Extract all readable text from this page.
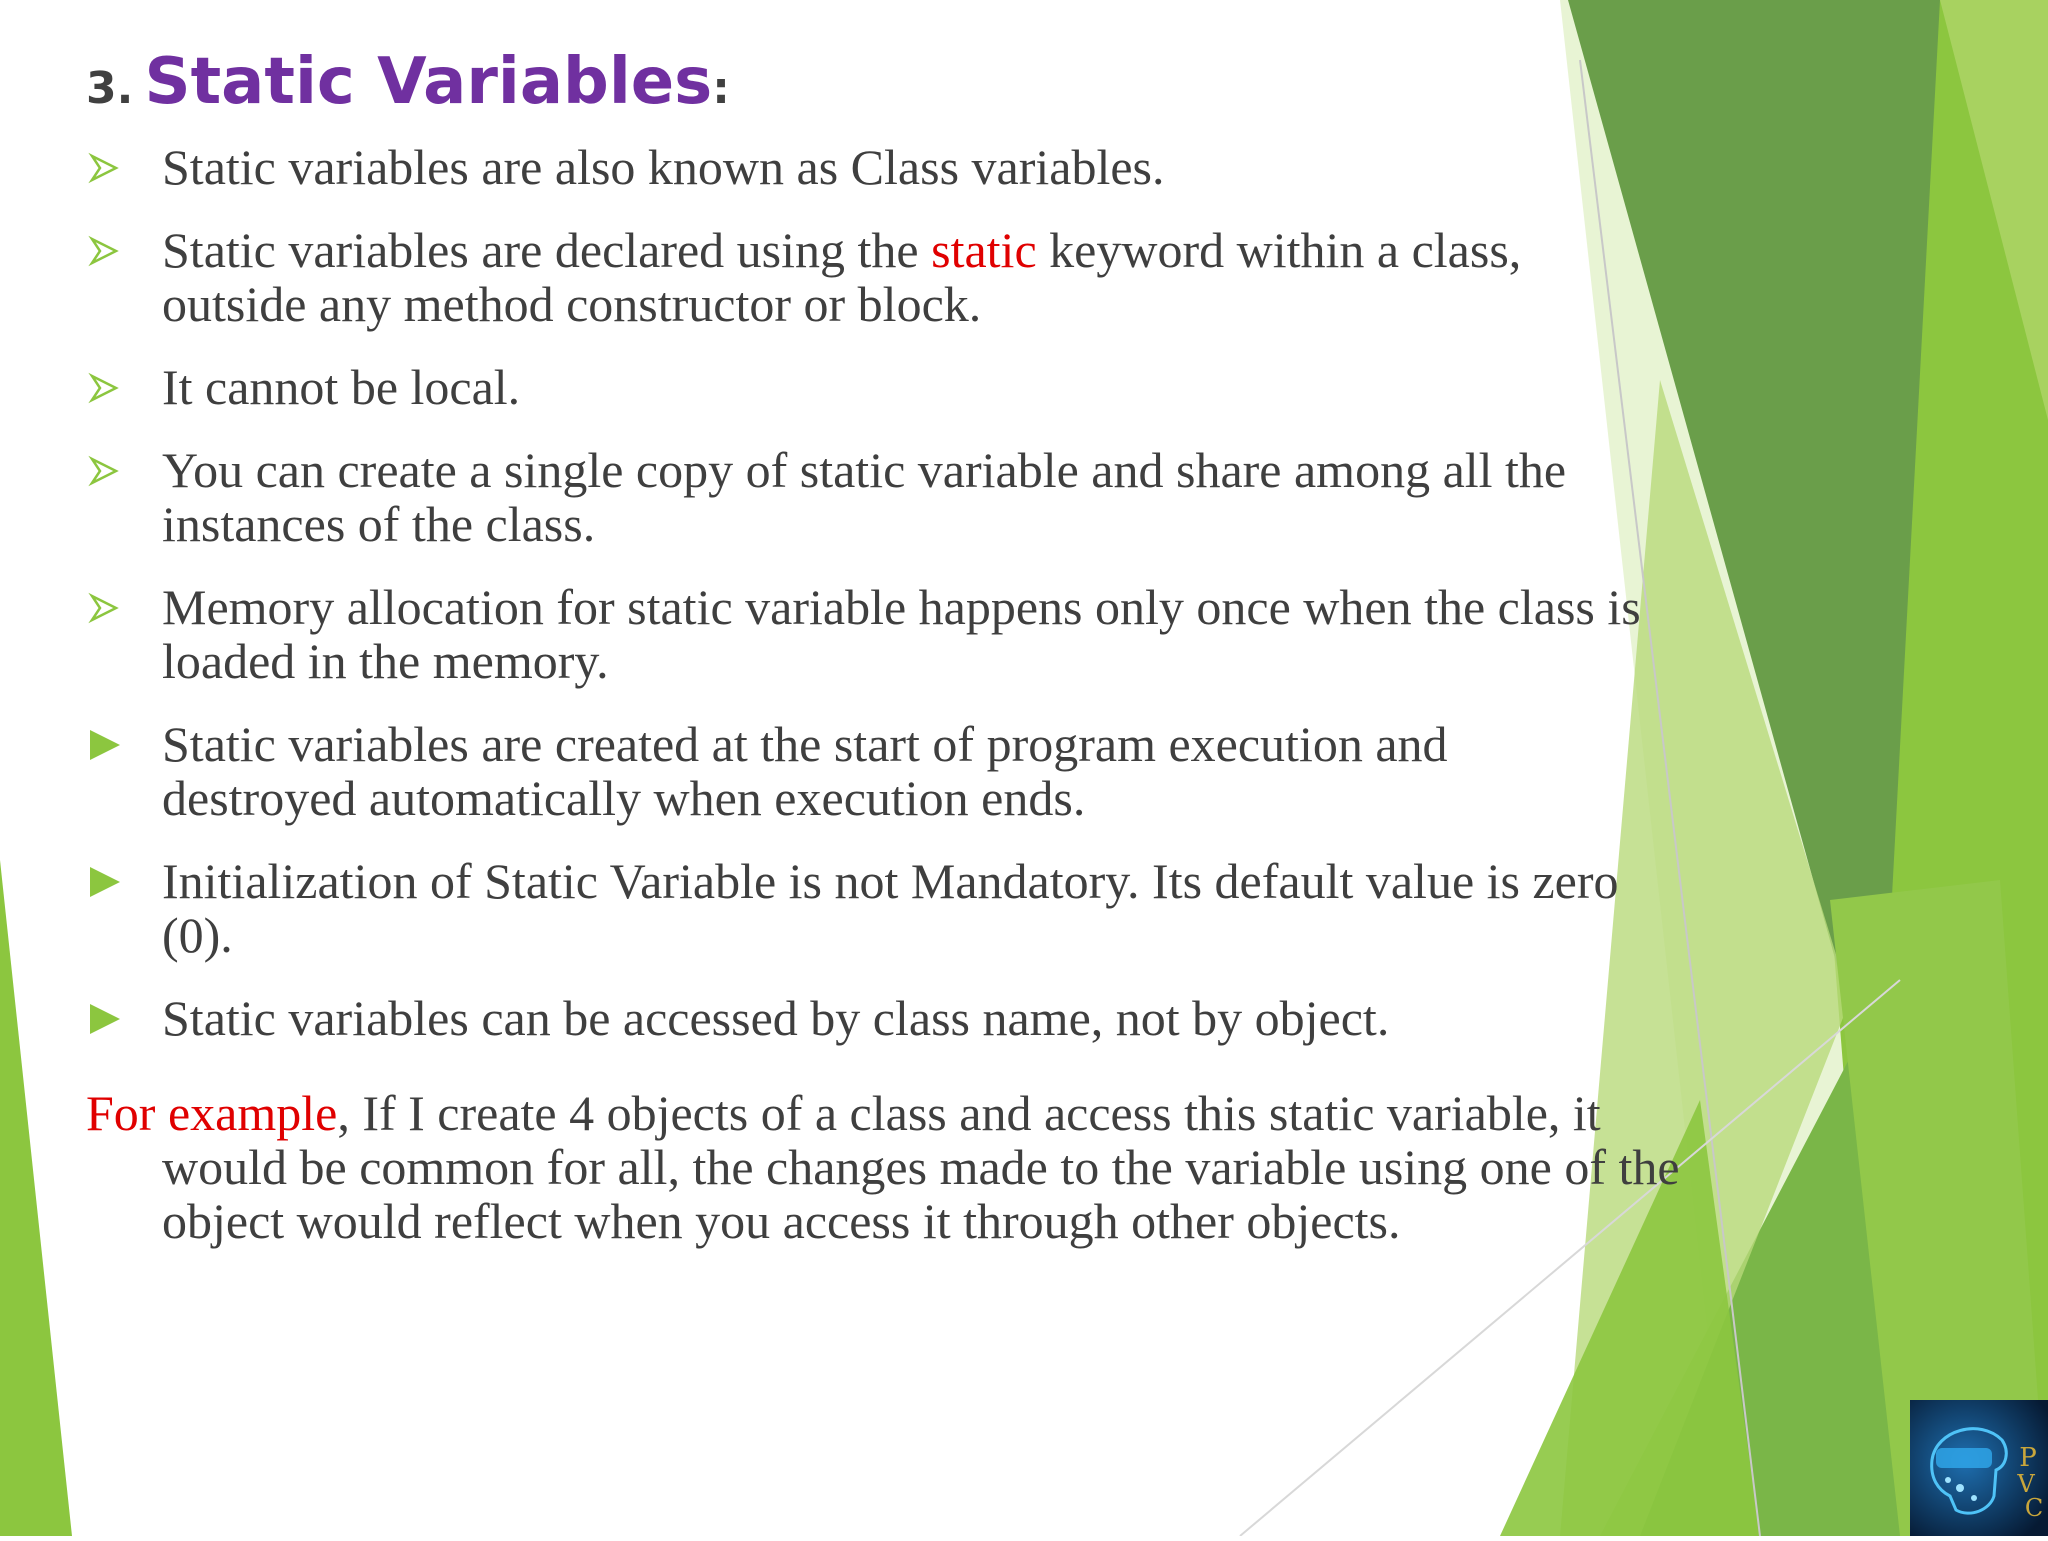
3. Static Variables:
Static variables are also known as Class variables.
Static variables are declared using the static keyword within a class, outside any method constructor or block.
It cannot be local.
You can create a single copy of static variable and share among all the instances of the class.
Memory allocation for static variable happens only once when the class is loaded in the memory.
Static variables are created at the start of program execution and destroyed automatically when execution ends.
Initialization of Static Variable is not Mandatory. Its default value is zero (0).
Static variables can be accessed by class name, not by object.

For example, If I create 4 objects of a class and access this static variable, it would be common for all, the changes made to the variable using one of the object would reflect when you access it through other objects.

P
V
C
